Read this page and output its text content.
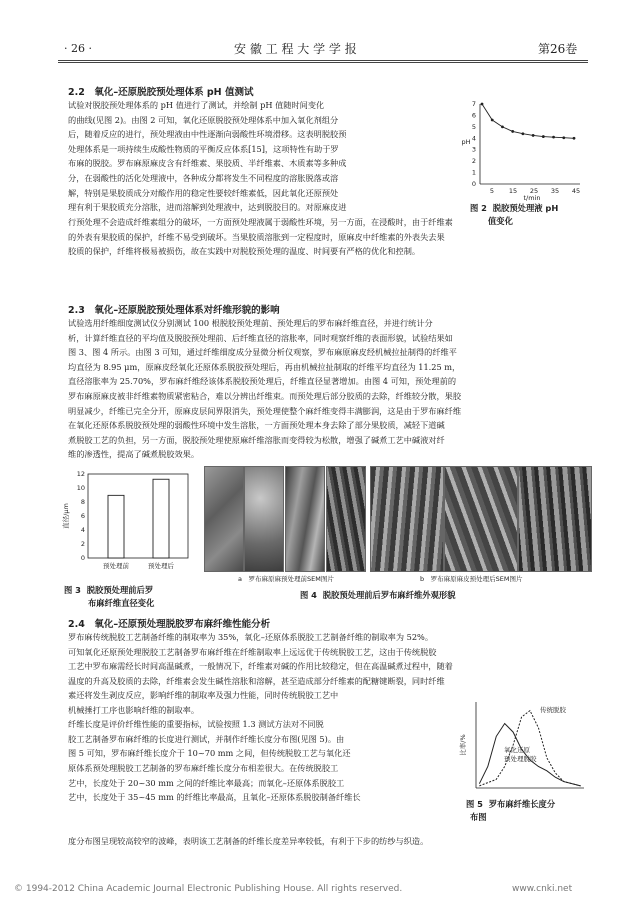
· 26 ·	安 徽 工 程 大 学 学 报	第26卷
2.2　氧化–还原脱胶预处理体系 pH 值测试
试验对脱胶预处理体系的 pH 值进行了测试，并绘制 pH 值随时间变化
的曲线(见图 2)。由图 2 可知，氧化还原脱胶预处理体系中加入氧化剂组分
后，随着反应的进行，预处理液由中性逐渐向弱酸性环境滑移。这表明脱胶预
处理体系是一项持续生成酸性物质的平衡反应体系[15]，这项特性有助于罗
布麻的脱胶。罗布麻原麻皮含有纤维素、果胶质、半纤维素、木质素等多种成
分，在弱酸性的活化处理液中，各种成分都将发生不同程度的溶胀脱落或溶
解，特别是果胶质成分对酸作用的稳定性要较纤维素低，因此氧化还原预处
理有利于果胶质充分溶胀，进而溶解到处理液中，达到脱胶目的。对原麻皮进
行预处理不会造成纤维素组分的破坏，一方面预处理液属于弱酸性环境，另一方面，在浸酸时，由于纤维素
的外表有果胶质的保护，纤维不易受到破坏。当果胶质溶胀到一定程度时，原麻皮中纤维素的外表失去果
胶质的保护，纤维将极易被损伤，故在实践中对脱胶预处理的温度、时间要有严格的优化和控制。
0
1
2
3
4
5
6
7
5 15 25 35 45
pH
t/min
图 2 脱胶预处理液 pH
值变化
2.3　氧化–还原脱胶预处理体系对纤维形貌的影响
试验选用纤维细度测试仪分别测试 100 根脱胶预处理前、预处理后的罗布麻纤维直径，并进行统计分
析，计算纤维直径的平均值及脱胶预处理前、后纤维直径的溶胀率，同时观察纤维的表面形貌，试验结果如
图 3、图 4 所示。由图 3 可知，通过纤维细度成分显微分析仪观察，罗布麻原麻皮经机械拉扯制得的纤维平
均直径为 8.95 μm，原麻皮经氧化还原体系脱胶预处理后，再由机械拉扯制取的纤维平均直径为 11.25 m，
直径溶胀率为 25.70%，罗布麻纤维经该体系脱胶预处理后，纤维直径显著增加。由图 4 可知，预处理前的
罗布麻原麻皮被非纤维素物质紧密粘合，难以分辨出纤维束。而预处理后部分胶质的去除，纤维较分散，果胶
明显减少，纤维已完全分开，原麻皮层间界限消失，预处理使整个麻纤维变得丰满膨润，这是由于罗布麻纤维
在氧化还原体系脱胶预处理的弱酸性环境中发生溶胀，一方面预处理本身去除了部分果胶质，减轻下道碱
煮脱胶工艺的负担，另一方面，脱胶预处理使原麻纤维溶胀而变得较为松散，增强了碱煮工艺中碱液对纤
维的渗透性，提高了碱煮脱胶效果。
0
2
4
6
8
10
12
预处理前	预处理后
直径/μm
图 3 脱胶预处理前后罗
布麻纤维直径变化
a　罗布麻原麻预处理前SEM图片	b　罗布麻原麻皮预处理后SEM图片
图 4 脱胶预处理前后罗布麻纤维外观形貌
2.4　氧化–还原预处理脱胶罗布麻纤维性能分析
罗布麻传统脱胶工艺制备纤维的制取率为 35%，氧化–还原体系脱胶工艺制备纤维的制取率为 52%。
可知氧化还原预处理脱胶工艺制备罗布麻纤维在纤维制取率上远远优于传统脱胶工艺，这由于传统脱胶
工艺中罗布麻需经长时间高温碱煮，一般情况下，纤维素对碱的作用比较稳定，但在高温碱煮过程中，随着
温度的升高及胶质的去除，纤维素会发生碱性溶胀和溶解，甚至造成部分纤维素的配糖键断裂，同时纤维
素还将发生剥皮反应，影响纤维的制取率及强力性能，同时传统脱胶工艺中
机械捶打工序也影响纤维的制取率。
纤维长度是评价纤维性能的重要指标，试验按照 1.3 测试方法对不同脱
胶工艺制备罗布麻纤维的长度进行测试，并制作纤维长度分布图(见图 5)。由
图 5 可知，罗布麻纤维长度介于 10~70 mm 之间，但传统脱胶工艺与氧化还
原体系预处理脱胶工艺制备的罗布麻纤维长度分布相差很大。在传统脱胶工
艺中，长度处于 20~30 mm 之间的纤维比率最高；而氧化–还原体系脱胶工
艺中，长度处于 35~45 mm 的纤维比率最高，且氧化–还原体系脱胶制备纤维长
度分布图呈现较高较窄的波峰，表明该工艺制备的纤维长度差异率较低，有利于下步的纺纱与织造。
比率/%
传统脱胶
氧化还原
预处理脱胶
图 5 罗布麻纤维长度分
布图
© 1994-2012 China Academic Journal Electronic Publishing House. All rights reserved.	www.cnki.net
